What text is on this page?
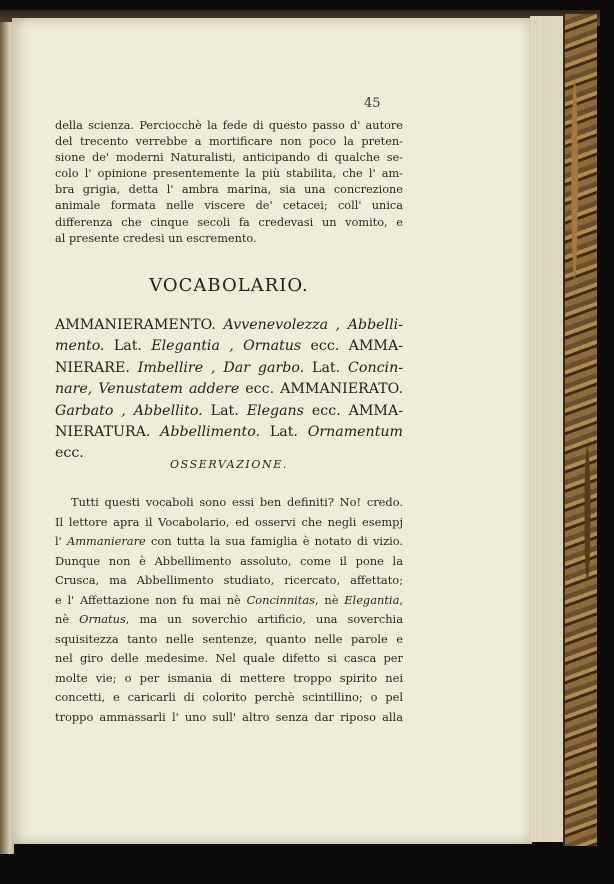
45
della scienza. Perciocchè la fede di questo passo d' autore
del trecento verrebbe a mortificare non poco la preten-
sione de' moderni Naturalisti, anticipando di qualche se-
colo l' opinione presentemente la più stabilita, che l' am-
bra grigia, detta l' ambra marina, sia una concrezione
animale formata nelle viscere de' cetacei; coll' unica
differenza che cinque secoli fa credevasi un vomito, e
al presente credesi un escremento.
VOCABOLARIO.
AMMANIERAMENTO. Avvenevolezza , Abbelli-
mento. Lat. Elegantia , Ornatus ecc. AMMA-
NIERARE. Imbellire , Dar garbo. Lat. Concin-
nare, Venustatem addere ecc. AMMANIERATO.
Garbato , Abbellito. Lat. Elegans ecc. AMMA-
NIERATURA. Abbellimento. Lat. Ornamentum
ecc.
OSSERVAZIONE.
Tutti questi vocaboli sono essi ben definiti? No! credo.
Il lettore apra il Vocabolario, ed osservi che negli esempj
l' Ammanierare con tutta la sua famiglia è notato di vizio.
Dunque non è Abbellimento assoluto, come il pone la
Crusca, ma Abbellimento studiato, ricercato, affettato;
e l' Affettazione non fu mai nè Concinnitas, nè Elegantia,
nè Ornatus, ma un soverchio artificio, una soverchia
squisitezza tanto nelle sentenze, quanto nelle parole e
nel giro delle medesime. Nel quale difetto si casca per
molte vie; o per ismania di mettere troppo spirito nei
concetti, e caricarli di colorito perchè scintillino; o pel
troppo ammassarli l' uno sull' altro senza dar riposo alla
